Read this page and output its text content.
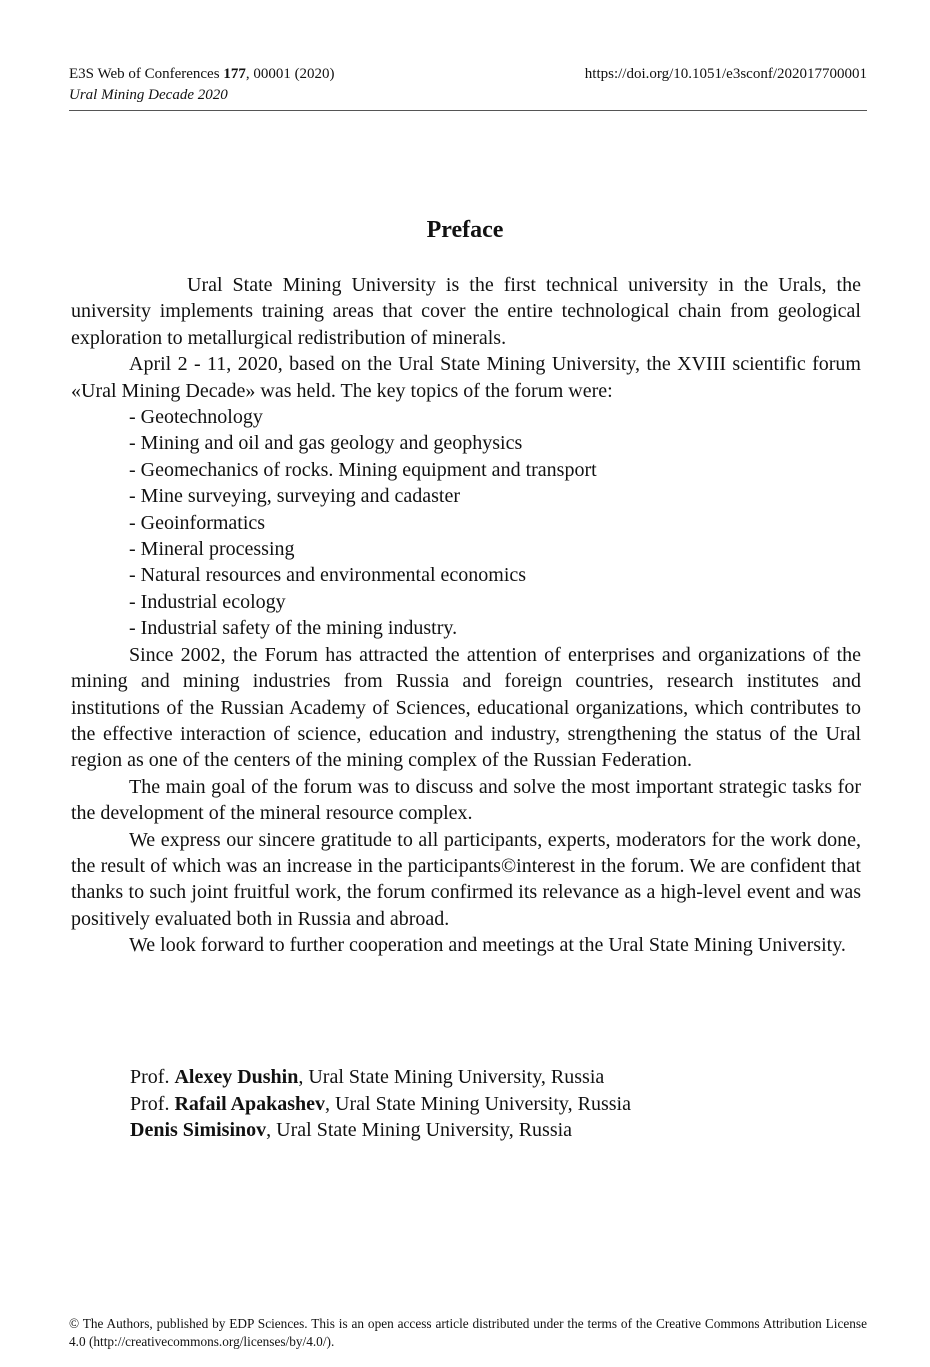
E3S Web of Conferences 177, 00001 (2020)
Ural Mining Decade 2020
https://doi.org/10.1051/e3sconf/202017700001
Preface

Ural State Mining University is the first technical university in the Urals, the university implements training areas that cover the entire technological chain from geological exploration to metallurgical redistribution of minerals.

April 2 - 11, 2020, based on the Ural State Mining University, the XVIII scientific forum «Ural Mining Decade» was held. The key topics of the forum were:

- Geotechnology
- Mining and oil and gas geology and geophysics
- Geomechanics of rocks. Mining equipment and transport
- Mine surveying, surveying and cadaster
- Geoinformatics
- Mineral processing
- Natural resources and environmental economics
- Industrial ecology
- Industrial safety of the mining industry.

Since 2002, the Forum has attracted the attention of enterprises and organizations of the mining and mining industries from Russia and foreign countries, research institutes and institutions of the Russian Academy of Sciences, educational organizations, which contributes to the effective interaction of science, education and industry, strengthening the status of the Ural region as one of the centers of the mining complex of the Russian Federation.

The main goal of the forum was to discuss and solve the most important strategic tasks for the development of the mineral resource complex.

We express our sincere gratitude to all participants, experts, moderators for the work done, the result of which was an increase in the participants©interest in the forum. We are confident that thanks to such joint fruitful work, the forum confirmed its relevance as a high-level event and was positively evaluated both in Russia and abroad.

We look forward to further cooperation and meetings at the Ural State Mining University.

Prof. Alexey Dushin, Ural State Mining University, Russia
Prof. Rafail Apakashev, Ural State Mining University, Russia
Denis Simisinov, Ural State Mining University, Russia
© The Authors, published by EDP Sciences. This is an open access article distributed under the terms of the Creative Commons Attribution License 4.0 (http://creativecommons.org/licenses/by/4.0/).
